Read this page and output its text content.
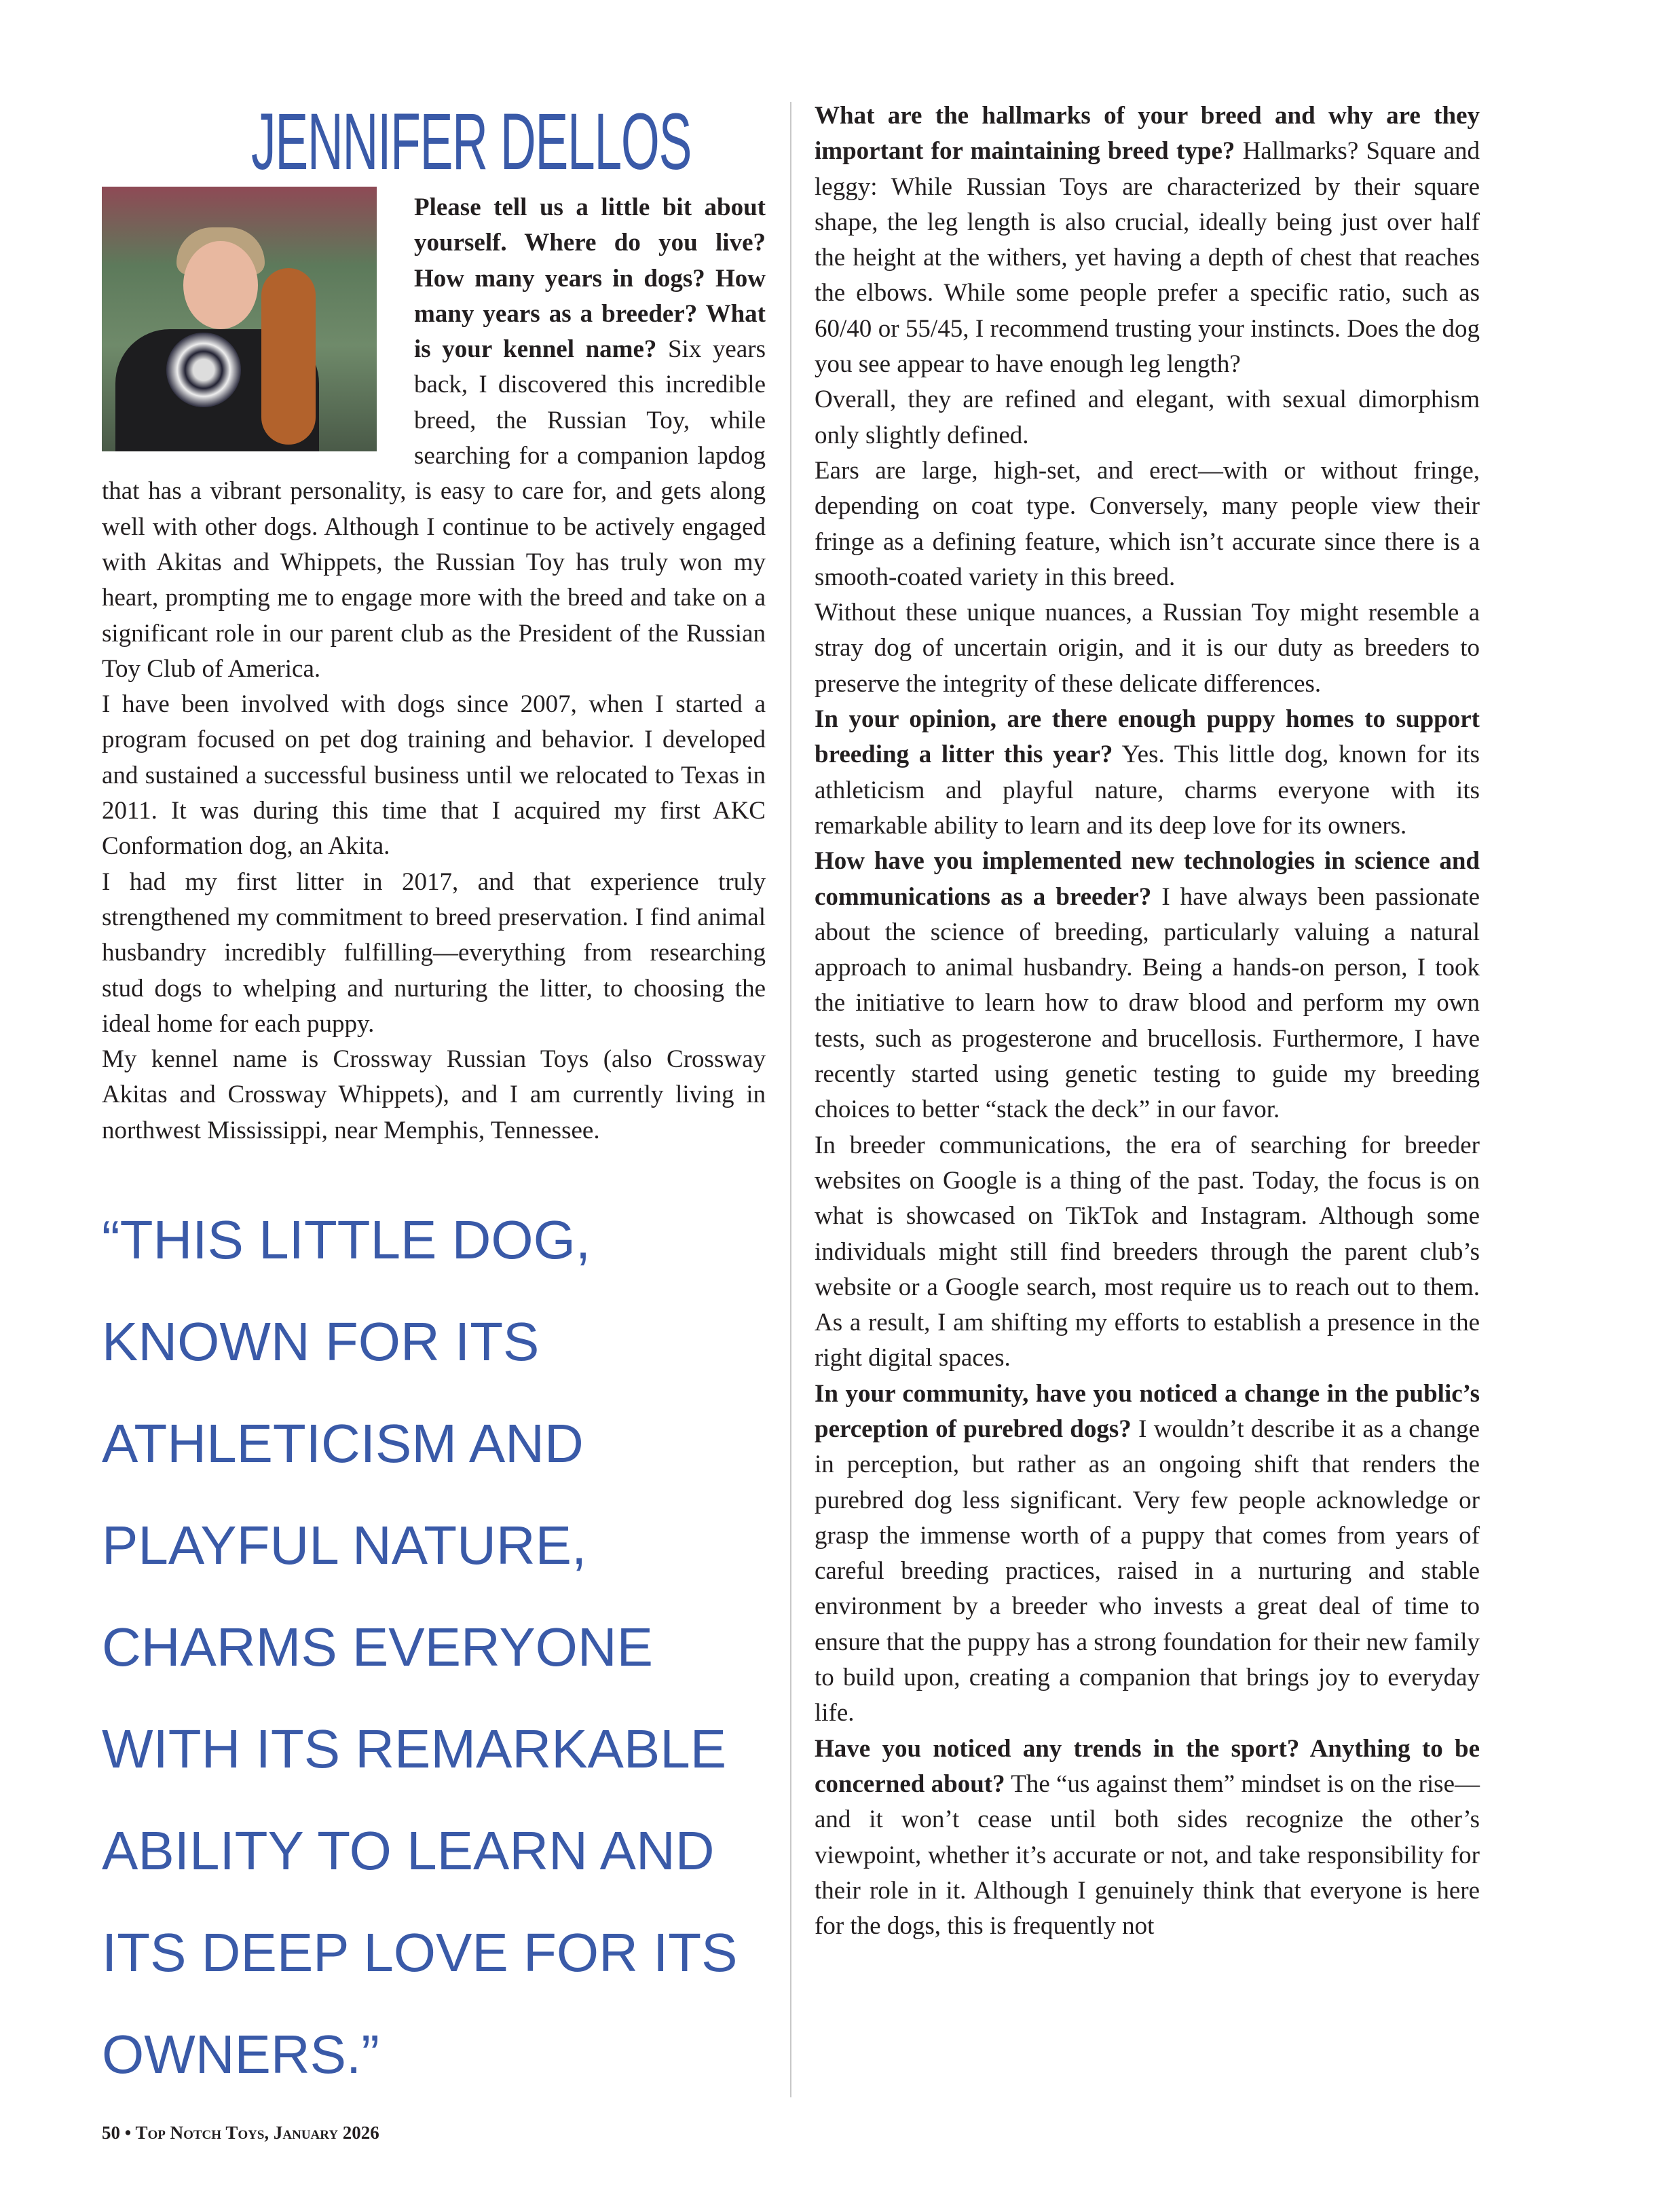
JENNIFER DELLOS

Please tell us a little bit about yourself. Where do you live? How many years in dogs? How many years as a breeder? What is your kennel name? Six years back, I discovered this incredible breed, the Russian Toy, while searching for a companion lapdog that has a vibrant personality, is easy to care for, and gets along well with other dogs. Although I continue to be actively engaged with Akitas and Whippets, the Russian Toy has truly won my heart, prompting me to engage more with the breed and take on a significant role in our parent club as the President of the Russian Toy Club of America.

I have been involved with dogs since 2007, when I started a program focused on pet dog training and behavior. I developed and sustained a successful business until we relocated to Texas in 2011. It was during this time that I acquired my first AKC Conformation dog, an Akita.

I had my first litter in 2017, and that experience truly strengthened my commitment to breed preservation. I find animal husbandry incredibly fulfilling—everything from researching stud dogs to whelping and nurturing the litter, to choosing the ideal home for each puppy.

My kennel name is Crossway Russian Toys (also Crossway Akitas and Crossway Whippets), and I am currently living in northwest Mississippi, near Memphis, Tennessee.

“THIS LITTLE DOG, KNOWN FOR ITS ATHLETICISM AND PLAYFUL NATURE, CHARMS EVERYONE WITH ITS REMARKABLE ABILITY TO LEARN AND ITS DEEP LOVE FOR ITS OWNERS.”
50 • Top Notch Toys, January 2026

What are the hallmarks of your breed and why are they important for maintaining breed type? Hallmarks? Square and leggy: While Russian Toys are characterized by their square shape, the leg length is also crucial, ideally being just over half the height at the withers, yet having a depth of chest that reaches the elbows. While some people prefer a specific ratio, such as 60/40 or 55/45, I recommend trusting your instincts. Does the dog you see appear to have enough leg length?

Overall, they are refined and elegant, with sexual dimorphism only slightly defined.

Ears are large, high-set, and erect—with or without fringe, depending on coat type. Conversely, many people view their fringe as a defining feature, which isn’t accurate since there is a smooth-coated variety in this breed.

Without these unique nuances, a Russian Toy might resemble a stray dog of uncertain origin, and it is our duty as breeders to preserve the integrity of these delicate differences.

In your opinion, are there enough puppy homes to support breeding a litter this year? Yes. This little dog, known for its athleticism and playful nature, charms everyone with its remarkable ability to learn and its deep love for its owners.

How have you implemented new technologies in science and communications as a breeder? I have always been passionate about the science of breeding, particularly valuing a natural approach to animal husbandry. Being a hands-on person, I took the initiative to learn how to draw blood and perform my own tests, such as progesterone and brucellosis. Furthermore, I have recently started using genetic testing to guide my breeding choices to better “stack the deck” in our favor.

In breeder communications, the era of searching for breeder websites on Google is a thing of the past. Today, the focus is on what is showcased on TikTok and Instagram. Although some individuals might still find breeders through the parent club’s website or a Google search, most require us to reach out to them. As a result, I am shifting my efforts to establish a presence in the right digital spaces.

In your community, have you noticed a change in the public’s perception of purebred dogs? I wouldn’t describe it as a change in perception, but rather as an ongoing shift that renders the purebred dog less significant. Very few people acknowledge or grasp the immense worth of a puppy that comes from years of careful breeding practices, raised in a nurturing and stable environment by a breeder who invests a great deal of time to ensure that the puppy has a strong foundation for their new family to build upon, creating a companion that brings joy to everyday life.

Have you noticed any trends in the sport? Anything to be concerned about? The “us against them” mindset is on the rise—and it won’t cease until both sides recognize the other’s viewpoint, whether it’s accurate or not, and take responsibility for their role in it. Although I genuinely think that everyone is here for the dogs, this is frequently not
